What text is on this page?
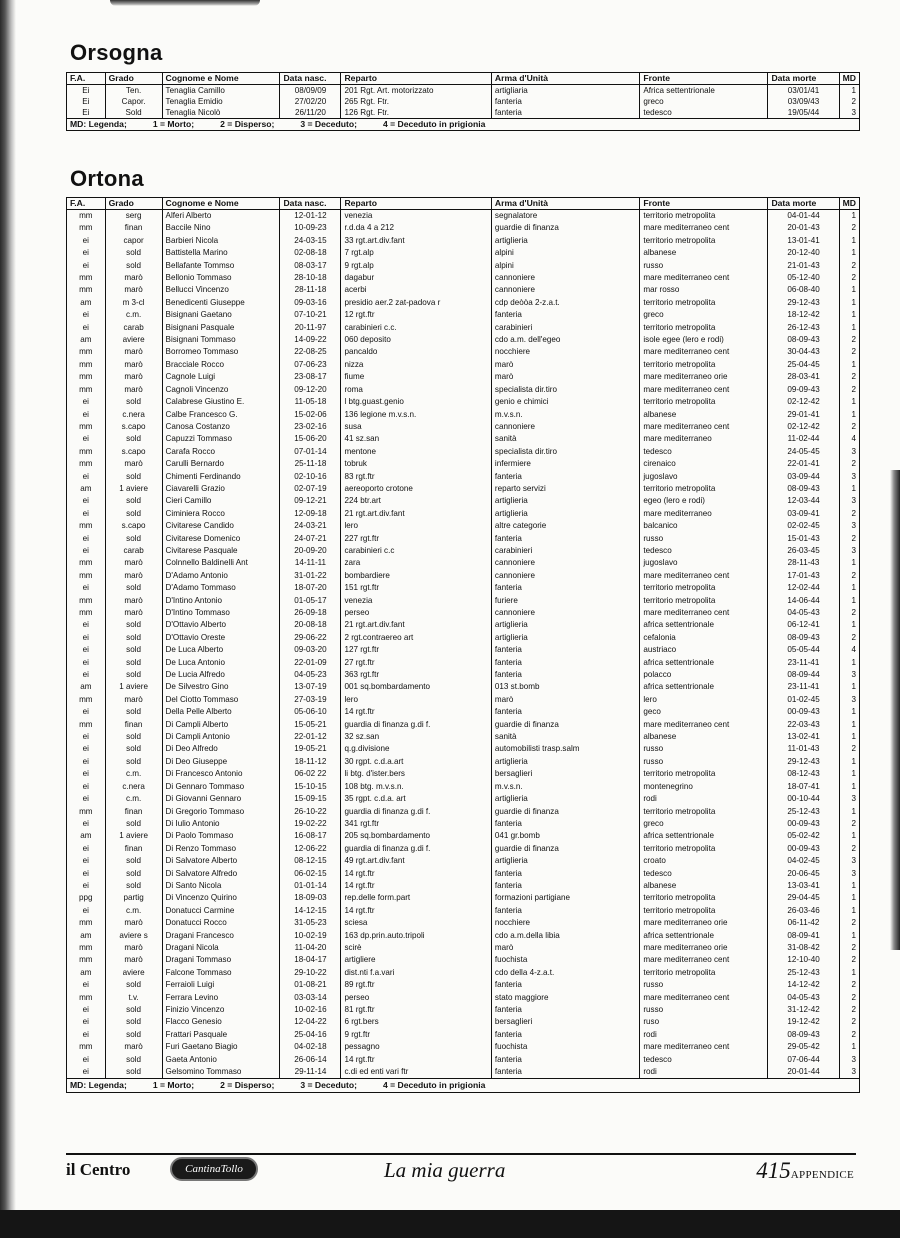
Orsogna
F.A.	Grado	Cognome e Nome	Data nasc.	Reparto	Arma d'Unità	Fronte	Data morte	MD
Ei	Ten.	Tenaglia Camillo	08/09/09	201 Rgt. Art. motorizzato	artigliaria	Africa settentrionale	03/01/41	1
Ei	Capor.	Tenaglia Emidio	27/02/20	265 Rgt. Ftr.	fanteria	greco	03/09/43	2
Ei	Sold	Tenaglia Nicolò	26/11/20	126 Rgt. Ftr.	fanteria	tedesco	19/05/44	3
MD: Legenda; 1 = Morto; 2 = Disperso; 3 = Deceduto; 4 = Deceduto in prigionia								
Ortona
F.A.	Grado	Cognome e Nome	Data nasc.	Reparto	Arma d'Unità	Fronte	Data morte	MD
mm	serg	Alferi Alberto	12-01-12	venezia	segnalatore	territorio metropolita	04-01-44	1
mm	finan	Baccile Nino	10-09-23	r.d.da 4 a 212	guardie di finanza	mare mediterraneo cent	20-01-43	2
ei	capor	Barbieri Nicola	24-03-15	33 rgt.art.div.fant	artiglieria	territorio metropolita	13-01-41	1
ei	sold	Battistella Marino	02-08-18	7 rgt.alp	alpini	albanese	20-12-40	1
ei	sold	Bellafante Tommso	08-03-17	9 rgt.alp	alpini	russo	21-01-43	2
mm	marò	Bellonio Tommaso	28-10-18	dagabur	cannoniere	mare mediterraneo cent	05-12-40	2
mm	marò	Bellucci Vincenzo	28-11-18	acerbi	cannoniere	mar rosso	06-08-40	1
am	m 3-cl	Benedicenti Giuseppe	09-03-16	presidio aer.2 zat-padova r	cdp deòòa 2-z.a.t.	territorio metropolita	29-12-43	1
ei	c.m.	Bisignani Gaetano	07-10-21	12 rgt.ftr	fanteria	greco	18-12-42	1
ei	carab	Bisignani Pasquale	20-11-97	carabinieri c.c.	carabinieri	territorio metropolita	26-12-43	1
am	aviere	Bisignani Tommaso	14-09-22	060 deposito	cdo a.m. dell'egeo	isole egee (lero e rodi)	08-09-43	2
mm	marò	Borromeo Tommaso	22-08-25	pancaldo	nocchiere	mare mediterraneo cent	30-04-43	2
mm	marò	Bracciale Rocco	07-06-23	nizza	marò	territorio metropolita	25-04-45	1
mm	marò	Cagnole Luigi	23-08-17	fiume	marò	mare mediterraneo orie	28-03-41	2
mm	marò	Cagnoli Vincenzo	09-12-20	roma	specialista dir.tiro	mare mediterraneo cent	09-09-43	2
ei	sold	Calabrese Giustino E.	11-05-18	l btg.guast.genio	genio e chimici	territorio metropolita	02-12-42	1
ei	c.nera	Calbe Francesco G.	15-02-06	136 legione m.v.s.n.	m.v.s.n.	albanese	29-01-41	1
mm	s.capo	Canosa Costanzo	23-02-16	susa	cannoniere	mare mediterraneo cent	02-12-42	2
ei	sold	Capuzzi Tommaso	15-06-20	41 sz.san	sanità	mare mediterraneo	11-02-44	4
mm	s.capo	Carafa Rocco	07-01-14	mentone	specialista dir.tiro	tedesco	24-05-45	3
mm	marò	Carulli Bernardo	25-11-18	tobruk	infermiere	cirenaico	22-01-41	2
ei	sold	Chimenti Ferdinando	02-10-16	83 rgt.ftr	fanteria	jugoslavo	03-09-44	3
am	1 aviere	Ciavarelli Grazio	02-07-19	aereoporto crotone	reparto servizi	territorio metropolita	08-09-43	1
ei	sold	Cieri Camillo	09-12-21	224 btr.art	artiglieria	egeo (lero e rodi)	12-03-44	3
ei	sold	Ciminiera Rocco	12-09-18	21 rgt.art.div.fant	artiglieria	mare mediterraneo	03-09-41	2
mm	s.capo	Civitarese Candido	24-03-21	lero	altre categorie	balcanico	02-02-45	3
ei	sold	Civitarese Domenico	24-07-21	227 rgt.ftr	fanteria	russo	15-01-43	2
ei	carab	Civitarese Pasquale	20-09-20	carabinieri c.c	carabinieri	tedesco	26-03-45	3
mm	marò	Colnnello Baldinelli Ant	14-11-11	zara	cannoniere	jugoslavo	28-11-43	1
mm	marò	D'Adamo Antonio	31-01-22	bombardiere	cannoniere	mare mediterraneo cent	17-01-43	2
ei	sold	D'Adamo Tommaso	18-07-20	151 rgt.ftr	fanteria	territorio metropolita	12-02-44	1
mm	marò	D'Intino Antonio	01-05-17	venezia	furiere	territorio metropolita	14-06-44	1
mm	marò	D'Intino Tommaso	26-09-18	perseo	cannoniere	mare mediterraneo cent	04-05-43	2
ei	sold	D'Ottavio Alberto	20-08-18	21 rgt.art.div.fant	artiglieria	africa settentrionale	06-12-41	1
ei	sold	D'Ottavio Oreste	29-06-22	2 rgt.contraereo art	artiglieria	cefalonia	08-09-43	2
ei	sold	De Luca Alberto	09-03-20	127 rgt.ftr	fanteria	austriaco	05-05-44	4
ei	sold	De Luca Antonio	22-01-09	27 rgt.ftr	fanteria	africa settentrionale	23-11-41	1
ei	sold	De Lucia Alfredo	04-05-23	363 rgt.ftr	fanteria	polacco	08-09-44	3
am	1 aviere	De Silvestro Gino	13-07-19	001 sq.bombardamento	013 st.bomb	africa settentrionale	23-11-41	1
mm	marò	Del Ciotto Tommaso	27-03-19	lero	marò	lero	01-02-45	3
ei	sold	Della Pelle Alberto	05-06-10	14 rgt.ftr	fanteria	geco	00-09-43	1
mm	finan	Di Campli Alberto	15-05-21	guardia di finanza g.di f.	guardie di finanza	mare mediterraneo cent	22-03-43	1
ei	sold	Di Campli Antonio	22-01-12	32 sz.san	sanità	albanese	13-02-41	1
ei	sold	Di Deo Alfredo	19-05-21	q.g.divisione	automobilisti trasp.salm	russo	11-01-43	2
ei	sold	Di Deo Giuseppe	18-11-12	30 rgpt. c.d.a.art	artiglieria	russo	29-12-43	1
ei	c.m.	Di Francesco Antonio	06-02 22	li btg. d'ister.bers	bersaglieri	territorio metropolita	08-12-43	1
ei	c.nera	Di Gennaro Tommaso	15-10-15	108 btg. m.v.s.n.	m.v.s.n.	montenegrino	18-07-41	1
ei	c.m.	Di Giovanni Gennaro	15-09-15	35 rgpt. c.d.a. art	artiglieria	rodi	00-10-44	3
mm	finan	Di Gregorio Tommaso	26-10-22	guardia di finanza g.di f.	guardie di finanza	territorio metropolita	25-12-43	1
ei	sold	Di Iulio Antonio	19-02-22	341 rgt.ftr	fanteria	greco	00-09-43	2
am	1 aviere	Di Paolo Tommaso	16-08-17	205 sq.bombardamento	041 gr.bomb	africa settentrionale	05-02-42	1
ei	finan	Di Renzo Tommaso	12-06-22	guardia di finanza g.di f.	guardie di finanza	territorio metropolita	00-09-43	2
ei	sold	Di Salvatore Alberto	08-12-15	49 rgt.art.div.fant	artiglieria	croato	04-02-45	3
ei	sold	Di Salvatore Alfredo	06-02-15	14 rgt.ftr	fanteria	tedesco	20-06-45	3
ei	sold	Di Santo Nicola	01-01-14	14 rgt.ftr	fanteria	albanese	13-03-41	1
ppg	partig	Di Vincenzo Quirino	18-09-03	rep.delle form.part	formazioni partigiane	territorio metropolita	29-04-45	1
ei	c.m.	Donatucci Carmine	14-12-15	14 rgt.ftr	fanteria	territorio metropolita	26-03-46	1
mm	marò	Donatucci Rocco	31-05-23	sciesa	nocchiere	mare mediterraneo orie	06-11-42	2
am	aviere s	Dragani Francesco	10-02-19	163 dp.prin.auto.tripoli	cdo a.m.della libia	africa settentrionale	08-09-41	1
mm	marò	Dragani Nicola	11-04-20	scirè	marò	mare mediterraneo orie	31-08-42	2
mm	marò	Dragani Tommaso	18-04-17	artigliere	fuochista	mare mediterraneo cent	12-10-40	2
am	aviere	Falcone Tommaso	29-10-22	dist.nti f.a.vari	cdo della 4-z.a.t.	territorio metropolita	25-12-43	1
ei	sold	Ferraioli Luigi	01-08-21	89 rgt.ftr	fanteria	russo	14-12-42	2
mm	t.v.	Ferrara Levino	03-03-14	perseo	stato maggiore	mare mediterraneo cent	04-05-43	2
ei	sold	Finizio Vincenzo	10-02-16	81 rgt.ftr	fanteria	russo	31-12-42	2
ei	sold	Flacco Genesio	12-04-22	6 rgt.bers	bersaglieri	ruso	19-12-42	2
ei	sold	Frattari Pasquale	25-04-16	9 rgt.ftr	fanteria	rodi	08-09-43	2
mm	marò	Furi Gaetano Biagio	04-02-18	pessagno	fuochista	mare mediterraneo cent	29-05-42	1
ei	sold	Gaeta Antonio	26-06-14	14 rgt.ftr	fanteria	tedesco	07-06-44	3
ei	sold	Gelsomino Tommaso	29-11-14	c.di ed enti vari ftr	fanteria	rodi	20-01-44	3
MD: Legenda; 1 = Morto; 2 = Disperso; 3 = Deceduto; 4 = Deceduto in prigionia								
il Centro	CantinaTollo	La mia guerra	415APPENDICE
